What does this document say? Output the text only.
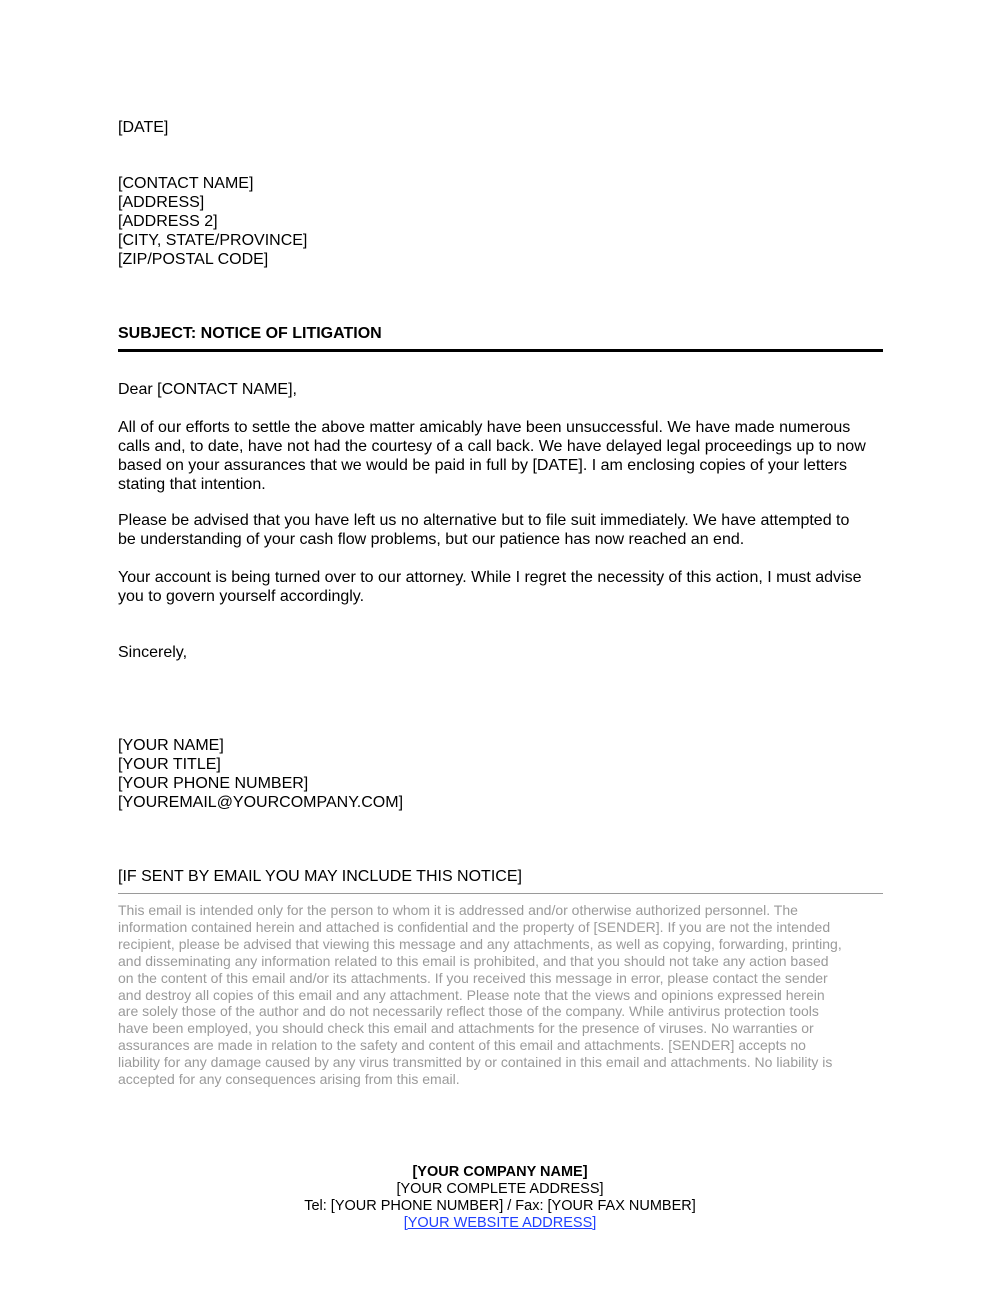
[DATE]
[CONTACT NAME]
[ADDRESS]
[ADDRESS 2]
[CITY, STATE/PROVINCE]
[ZIP/POSTAL CODE]
SUBJECT: NOTICE OF LITIGATION
Dear [CONTACT NAME],
All of our efforts to settle the above matter amicably have been unsuccessful. We have made numerous
calls and, to date, have not had the courtesy of a call back. We have delayed legal proceedings up to now
based on your assurances that we would be paid in full by [DATE]. I am enclosing copies of your letters
stating that intention.
Please be advised that you have left us no alternative but to file suit immediately. We have attempted to
be understanding of your cash flow problems, but our patience has now reached an end.
Your account is being turned over to our attorney. While I regret the necessity of this action, I must advise
you to govern yourself accordingly.
Sincerely,
[YOUR NAME]
[YOUR TITLE]
[YOUR PHONE NUMBER]
[YOUREMAIL@YOURCOMPANY.COM]
[IF SENT BY EMAIL YOU MAY INCLUDE THIS NOTICE]
This email is intended only for the person to whom it is addressed and/or otherwise authorized personnel. The
information contained herein and attached is confidential and the property of [SENDER]. If you are not the intended
recipient, please be advised that viewing this message and any attachments, as well as copying, forwarding, printing,
and disseminating any information related to this email is prohibited, and that you should not take any action based
on the content of this email and/or its attachments. If you received this message in error, please contact the sender
and destroy all copies of this email and any attachment. Please note that the views and opinions expressed herein
are solely those of the author and do not necessarily reflect those of the company. While antivirus protection tools
have been employed, you should check this email and attachments for the presence of viruses. No warranties or
assurances are made in relation to the safety and content of this email and attachments. [SENDER] accepts no
liability for any damage caused by any virus transmitted by or contained in this email and attachments. No liability is
accepted for any consequences arising from this email.
[YOUR COMPANY NAME]
[YOUR COMPLETE ADDRESS]
Tel: [YOUR PHONE NUMBER] / Fax: [YOUR FAX NUMBER]
[YOUR WEBSITE ADDRESS]
